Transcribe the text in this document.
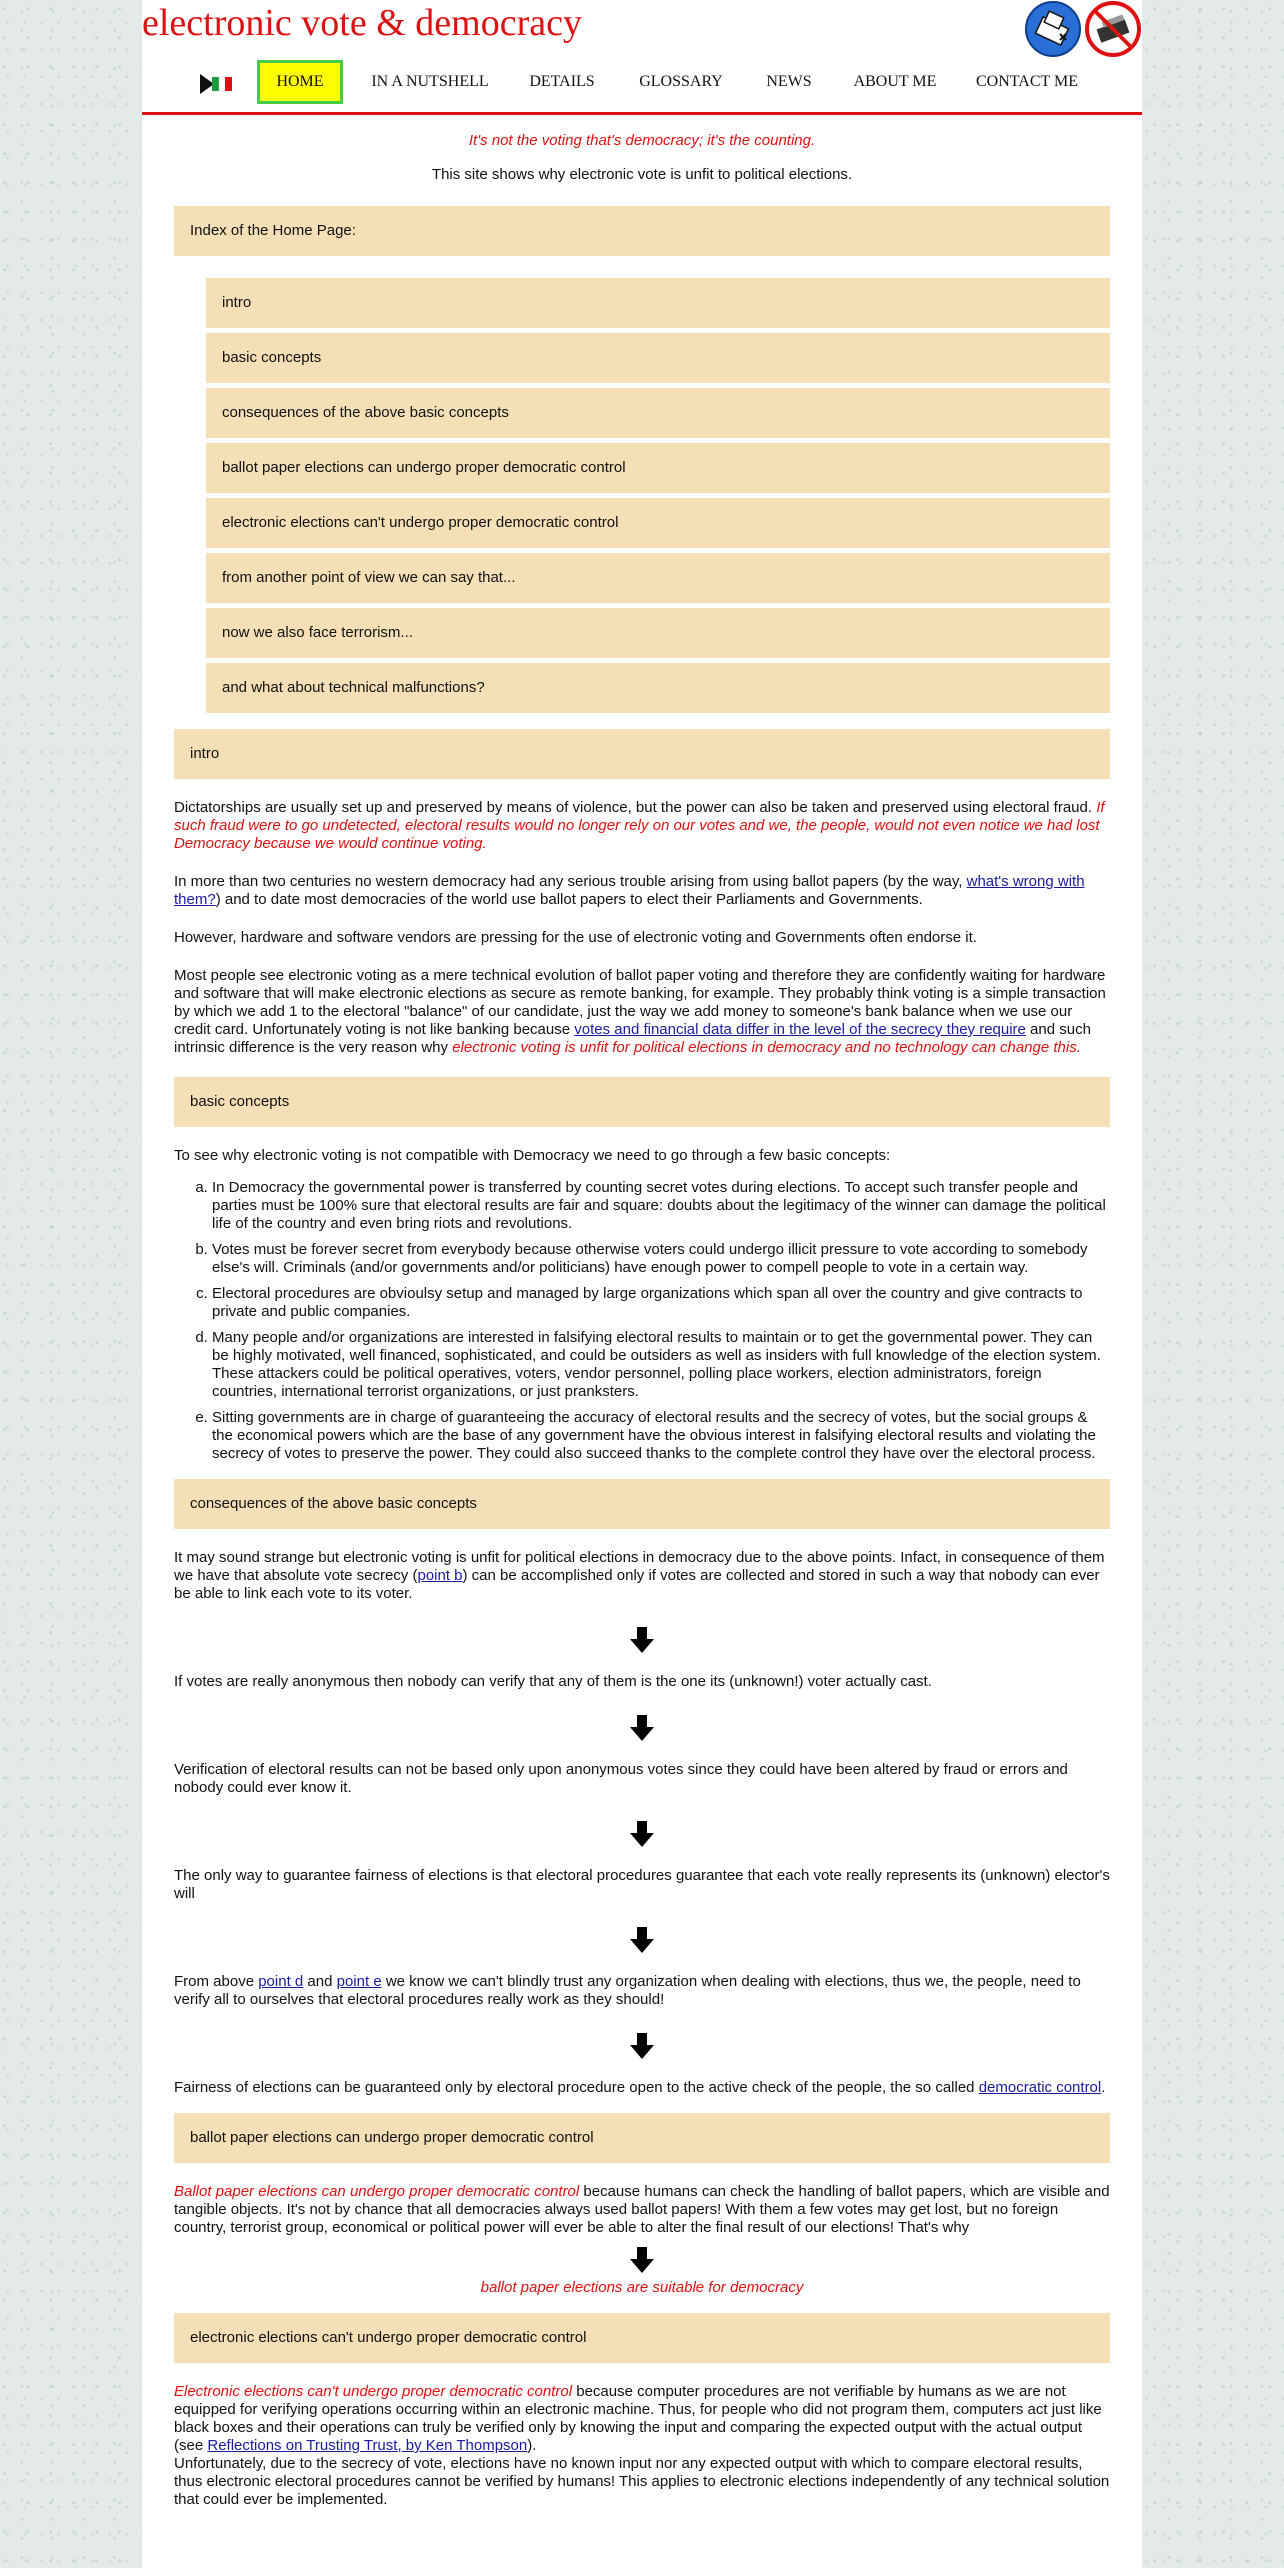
electronic vote & democracy
HOME	IN A NUTSHELL	DETAILS	GLOSSARY	NEWS	ABOUT ME	CONTACT ME

It's not the voting that's democracy; it's the counting.

This site shows why electronic vote is unfit to political elections.

Index of the Home Page:
intro
basic concepts
consequences of the above basic concepts
ballot paper elections can undergo proper democratic control
electronic elections can't undergo proper democratic control
from another point of view we can say that...
now we also face terrorism...
and what about technical malfunctions?
intro

Dictatorships are usually set up and preserved by means of violence, but the power can also be taken and preserved using electoral fraud. If such fraud were to go undetected, electoral results would no longer rely on our votes and we, the people, would not even notice we had lost Democracy because we would continue voting.

In more than two centuries no western democracy had any serious trouble arising from using ballot papers (by the way, what's wrong with them?) and to date most democracies of the world use ballot papers to elect their Parliaments and Governments.

However, hardware and software vendors are pressing for the use of electronic voting and Governments often endorse it.

Most people see electronic voting as a mere technical evolution of ballot paper voting and therefore they are confidently waiting for hardware and software that will make electronic elections as secure as remote banking, for example. They probably think voting is a simple transaction by which we add 1 to the electoral "balance" of our candidate, just the way we add money to someone's bank balance when we use our credit card. Unfortunately voting is not like banking because votes and financial data differ in the level of the secrecy they require and such intrinsic difference is the very reason why electronic voting is unfit for political elections in democracy and no technology can change this.

basic concepts

To see why electronic voting is not compatible with Democracy we need to go through a few basic concepts:

a. In Democracy the governmental power is transferred by counting secret votes during elections. To accept such transfer people and parties must be 100% sure that electoral results are fair and square: doubts about the legitimacy of the winner can damage the political life of the country and even bring riots and revolutions.
b. Votes must be forever secret from everybody because otherwise voters could undergo illicit pressure to vote according to somebody else's will. Criminals (and/or governments and/or politicians) have enough power to compell people to vote in a certain way.
c. Electoral procedures are obvioulsy setup and managed by large organizations which span all over the country and give contracts to private and public companies.
d. Many people and/or organizations are interested in falsifying electoral results to maintain or to get the governmental power. They can be highly motivated, well financed, sophisticated, and could be outsiders as well as insiders with full knowledge of the election system. These attackers could be political operatives, voters, vendor personnel, polling place workers, election administrators, foreign countries, international terrorist organizations, or just pranksters.
e. Sitting governments are in charge of guaranteeing the accuracy of electoral results and the secrecy of votes, but the social groups & the economical powers which are the base of any government have the obvious interest in falsifying electoral results and violating the secrecy of votes to preserve the power. They could also succeed thanks to the complete control they have over the electoral process.
consequences of the above basic concepts

It may sound strange but electronic voting is unfit for political elections in democracy due to the above points. Infact, in consequence of them we have that absolute vote secrecy (point b) can be accomplished only if votes are collected and stored in such a way that nobody can ever be able to link each vote to its voter.

If votes are really anonymous then nobody can verify that any of them is the one its (unknown!) voter actually cast.

Verification of electoral results can not be based only upon anonymous votes since they could have been altered by fraud or errors and nobody could ever know it.

The only way to guarantee fairness of elections is that electoral procedures guarantee that each vote really represents its (unknown) elector's will

From above point d and point e we know we can't blindly trust any organization when dealing with elections, thus we, the people, need to verify all to ourselves that electoral procedures really work as they should!

Fairness of elections can be guaranteed only by electoral procedure open to the active check of the people, the so called democratic control.

ballot paper elections can undergo proper democratic control

Ballot paper elections can undergo proper democratic control because humans can check the handling of ballot papers, which are visible and tangible objects. It's not by chance that all democracies always used ballot papers! With them a few votes may get lost, but no foreign country, terrorist group, economical or political power will ever be able to alter the final result of our elections! That's why

ballot paper elections are suitable for democracy

electronic elections can't undergo proper democratic control

Electronic elections can't undergo proper democratic control because computer procedures are not verifiable by humans as we are not equipped for verifying operations occurring within an electronic machine. Thus, for people who did not program them, computers act just like black boxes and their operations can truly be verified only by knowing the input and comparing the expected output with the actual output (see Reflections on Trusting Trust, by Ken Thompson).

Unfortunately, due to the secrecy of vote, elections have no known input nor any expected output with which to compare electoral results, thus electronic electoral procedures cannot be verified by humans! This applies to electronic elections independently of any technical solution that could ever be implemented.
